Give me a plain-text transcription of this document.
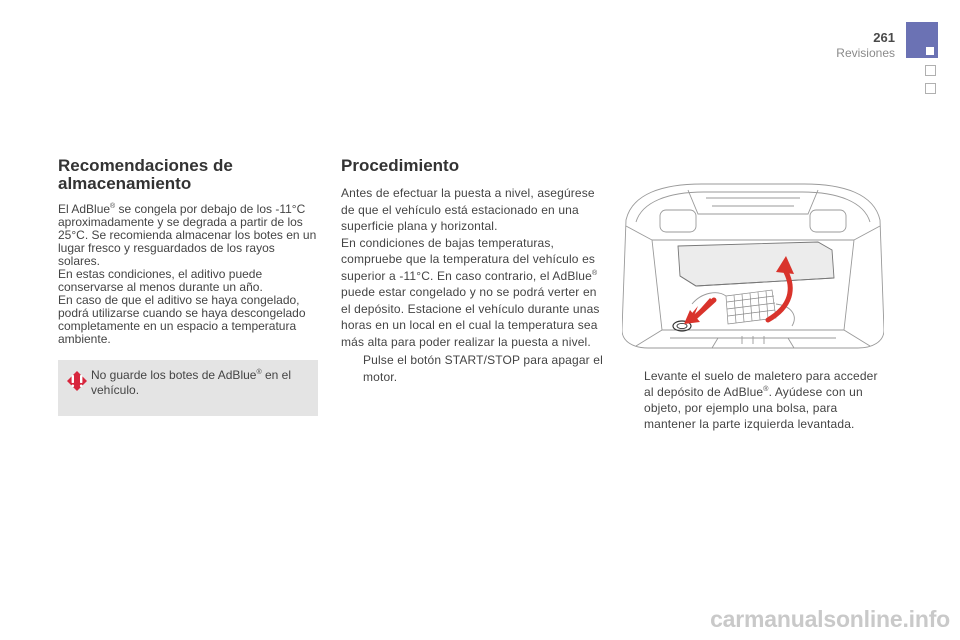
261
Revisiones
Recomendaciones de almacenamiento

El AdBlue® se congela por debajo de los -11°C aproximadamente y se degrada a partir de los 25°C. Se recomienda almacenar los botes en un lugar fresco y resguardados de los rayos solares.

En estas condiciones, el aditivo puede conservarse al menos durante un año.

En caso de que el aditivo se haya congelado, podrá utilizarse cuando se haya descongelado completamente en un espacio a temperatura ambiente.

No guarde los botes de AdBlue® en el vehículo.
Procedimiento

Antes de efectuar la puesta a nivel, asegúrese de que el vehículo está estacionado en una superficie plana y horizontal.

En condiciones de bajas temperaturas, compruebe que la temperatura del vehículo es superior a -11°C. En caso contrario, el AdBlue® puede estar congelado y no se podrá verter en el depósito. Estacione el vehículo durante unas horas en un local en el cual la temperatura sea más alta para poder realizar la puesta a nivel.

Pulse el botón START/STOP para apagar el motor.	Levante el suelo de maletero para acceder al depósito de AdBlue®. Ayúdese con un objeto, por ejemplo una bolsa, para mantener la parte izquierda levantada.

carmanualsonline.info
